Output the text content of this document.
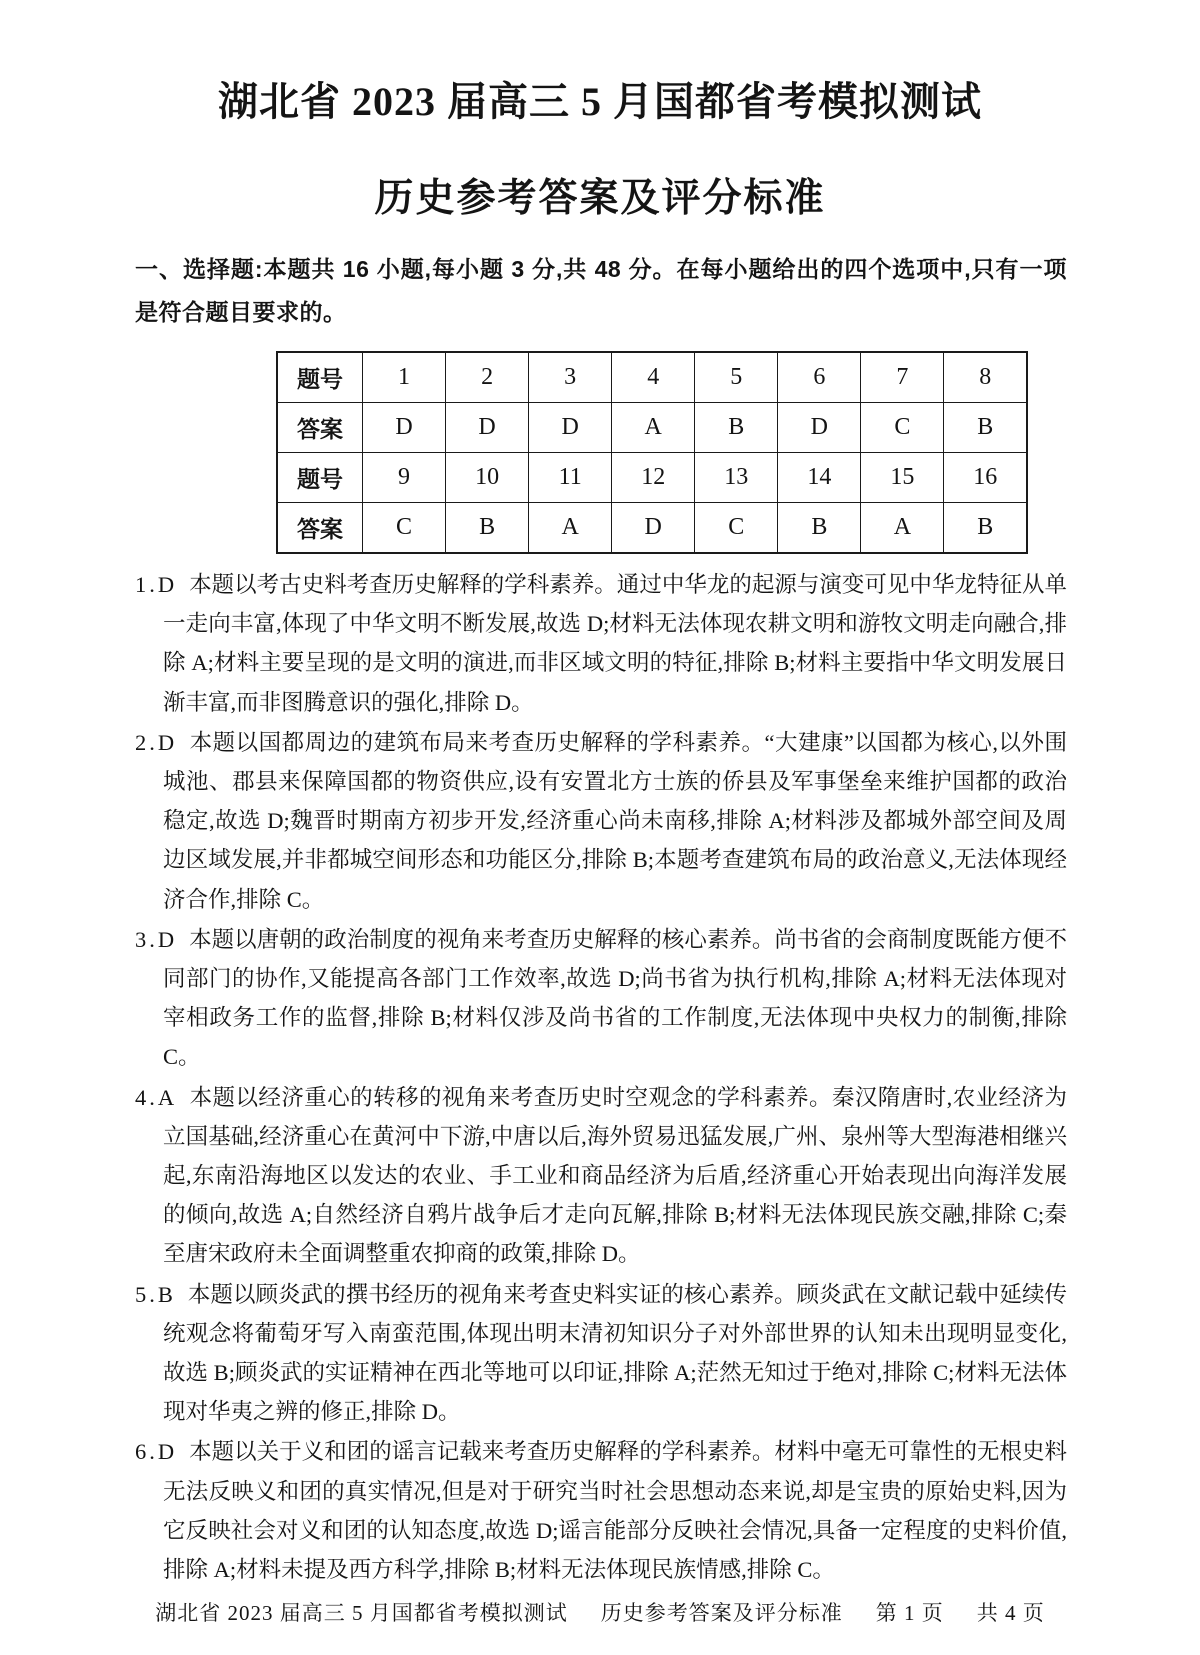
湖北省 2023 届高三 5 月国都省考模拟测试
历史参考答案及评分标准

一、选择题:本题共 16 小题,每小题 3 分,共 48 分。在每小题给出的四个选项中,只有一项是符合题目要求的。

题号	1	2	3	4	5	6	7	8
答案	D	D	D	A	B	D	C	B
题号	9	10	11	12	13	14	15	16
答案	C	B	A	D	C	B	A	B

1.D 本题以考古史料考查历史解释的学科素养。通过中华龙的起源与演变可见中华龙特征从单一走向丰富,体现了中华文明不断发展,故选 D;材料无法体现农耕文明和游牧文明走向融合,排除 A;材料主要呈现的是文明的演进,而非区域文明的特征,排除 B;材料主要指中华文明发展日渐丰富,而非图腾意识的强化,排除 D。

2.D 本题以国都周边的建筑布局来考查历史解释的学科素养。“大建康”以国都为核心,以外围城池、郡县来保障国都的物资供应,设有安置北方士族的侨县及军事堡垒来维护国都的政治稳定,故选 D;魏晋时期南方初步开发,经济重心尚未南移,排除 A;材料涉及都城外部空间及周边区域发展,并非都城空间形态和功能区分,排除 B;本题考查建筑布局的政治意义,无法体现经济合作,排除 C。

3.D 本题以唐朝的政治制度的视角来考查历史解释的核心素养。尚书省的会商制度既能方便不同部门的协作,又能提高各部门工作效率,故选 D;尚书省为执行机构,排除 A;材料无法体现对宰相政务工作的监督,排除 B;材料仅涉及尚书省的工作制度,无法体现中央权力的制衡,排除 C。

4.A 本题以经济重心的转移的视角来考查历史时空观念的学科素养。秦汉隋唐时,农业经济为立国基础,经济重心在黄河中下游,中唐以后,海外贸易迅猛发展,广州、泉州等大型海港相继兴起,东南沿海地区以发达的农业、手工业和商品经济为后盾,经济重心开始表现出向海洋发展的倾向,故选 A;自然经济自鸦片战争后才走向瓦解,排除 B;材料无法体现民族交融,排除 C;秦至唐宋政府未全面调整重农抑商的政策,排除 D。

5.B 本题以顾炎武的撰书经历的视角来考查史料实证的核心素养。顾炎武在文献记载中延续传统观念将葡萄牙写入南蛮范围,体现出明末清初知识分子对外部世界的认知未出现明显变化,故选 B;顾炎武的实证精神在西北等地可以印证,排除 A;茫然无知过于绝对,排除 C;材料无法体现对华夷之辨的修正,排除 D。

6.D 本题以关于义和团的谣言记载来考查历史解释的学科素养。材料中毫无可靠性的无根史料无法反映义和团的真实情况,但是对于研究当时社会思想动态来说,却是宝贵的原始史料,因为它反映社会对义和团的认知态度,故选 D;谣言能部分反映社会情况,具备一定程度的史料价值,排除 A;材料未提及西方科学,排除 B;材料无法体现民族情感,排除 C。

湖北省 2023 届高三 5 月国都省考模拟测试 历史参考答案及评分标准 第 1 页 共 4 页
